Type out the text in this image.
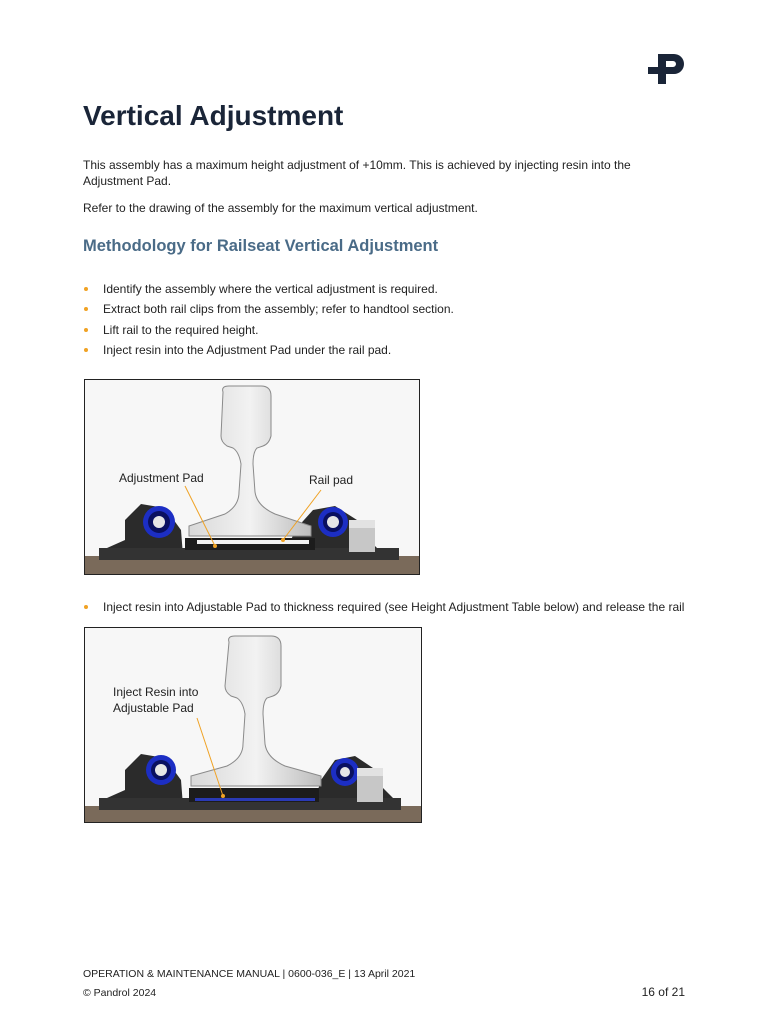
Vertical Adjustment

This assembly has a maximum height adjustment of +10mm. This is achieved by injecting resin into the Adjustment Pad.

Refer to the drawing of the assembly for the maximum vertical adjustment.

Methodology for Railseat Vertical Adjustment
Identify the assembly where the vertical adjustment is required.
Extract both rail clips from the assembly; refer to handtool section.
Lift rail to the required height.
Inject resin into the Adjustment Pad under the rail pad.
Adjustment Pad	Rail pad

Inject resin into Adjustable Pad to thickness required (see Height Adjustment Table below) and release the rail

Inject Resin into
Adjustable Pad

OPERATION & MAINTENANCE MANUAL | 0600-036_E | 13 April 2021

© Pandrol 2024	16 of 21
